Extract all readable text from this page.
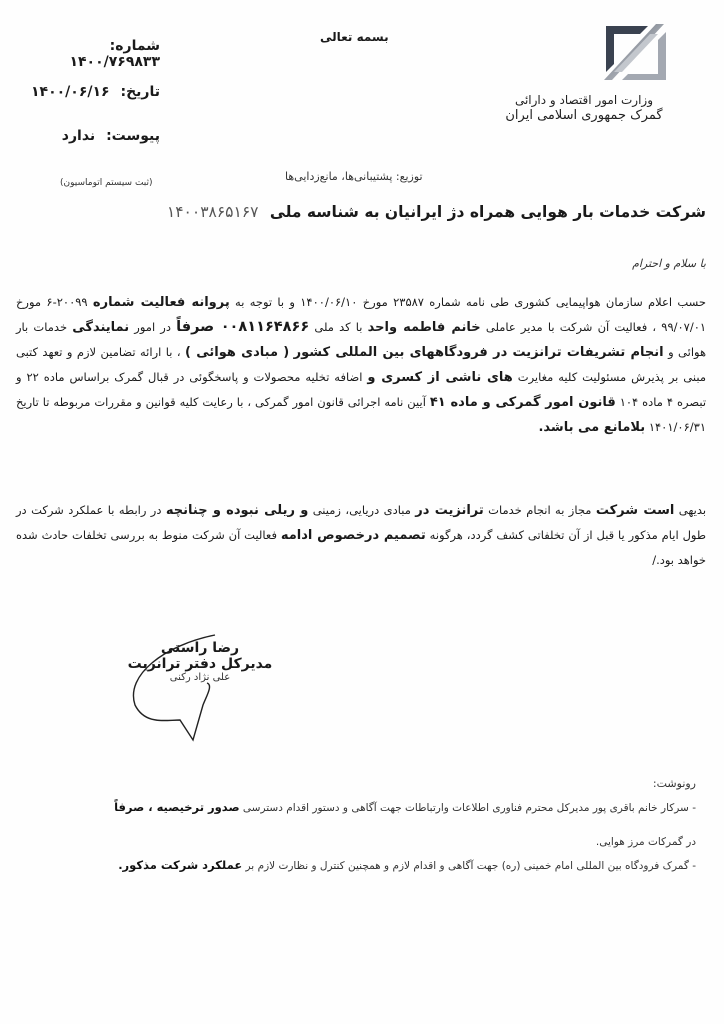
وزارت امور اقتصاد و دارائی
گمرک جمهوری اسلامی ایران
بسمه تعالی
شماره: ۱۴۰۰/۷۶۹۸۳۳
تاریخ: ۱۴۰۰/۰۶/۱۶
پیوست: ندارد
(ثبت سیستم اتوماسیون)	توزیع: پشتیبانی‌ها، مانع‌زدایی‌ها
شرکت خدمات بار هوایی همراه دژ ایرانیان به شناسه ملی ۱۴۰۰۳۸۶۵۱۶۷
با سلام و احترام
حسب اعلام سازمان هواپیمایی کشوری طی نامه شماره ۲۳۵۸۷ مورخ ۱۴۰۰/۰۶/۱۰ و با توجه به پروانه فعالیت شماره ۲۰۰۹۹-۶ مورخ ۹۹/۰۷/۰۱ ، فعالیت آن شرکت با مدیر عاملی خانم فاطمه واحد با کد ملی ۰۰۸۱۱۶۴۸۶۶ صرفاً در امور نمایندگی خدمات بار هوائی و انجام تشریفات ترانزیت در فرودگاههای بین المللی کشور ( مبادی هوائی ) ، با ارائه تضامین لازم و تعهد کتبی مبنی بر پذیرش مسئولیت کلیه مغایرت های ناشی از کسری و اضافه تخلیه محصولات و پاسخگوئی در قبال گمرک براساس ماده ۲۲ و تبصره ۴ ماده ۱۰۴ قانون امور گمرکی و ماده ۴۱ آیین نامه اجرائی قانون امور گمرکی ، با رعایت کلیه قوانین و مقررات مربوطه تا تاریخ ۱۴۰۱/۰۶/۳۱ بلامانع می باشد.
بدیهی است شرکت مجاز به انجام خدمات ترانزیت در مبادی دریایی، زمینی و ریلی نبوده و چنانچه در رابطه با عملکرد شرکت در طول ایام مذکور یا قبل از آن تخلفاتی کشف گردد، هرگونه تصمیم درخصوص ادامه فعالیت آن شرکت منوط به بررسی تخلفات حادث شده خواهد بود./
رضا راستی
مدیرکل دفتر ترانزیت
علی نژاد رکنی
رونوشت:
- سرکار خانم باقری پور مدیرکل محترم فناوری اطلاعات وارتباطات جهت آگاهی و دستور اقدام دسترسی صدور ترخیصیه ، صرفاً
در گمرکات مرز هوایی.
- گمرک فرودگاه بین المللی امام خمینی (ره) جهت آگاهی و اقدام لازم و همچنین کنترل و نظارت لازم بر عملکرد شرکت مذکور.
